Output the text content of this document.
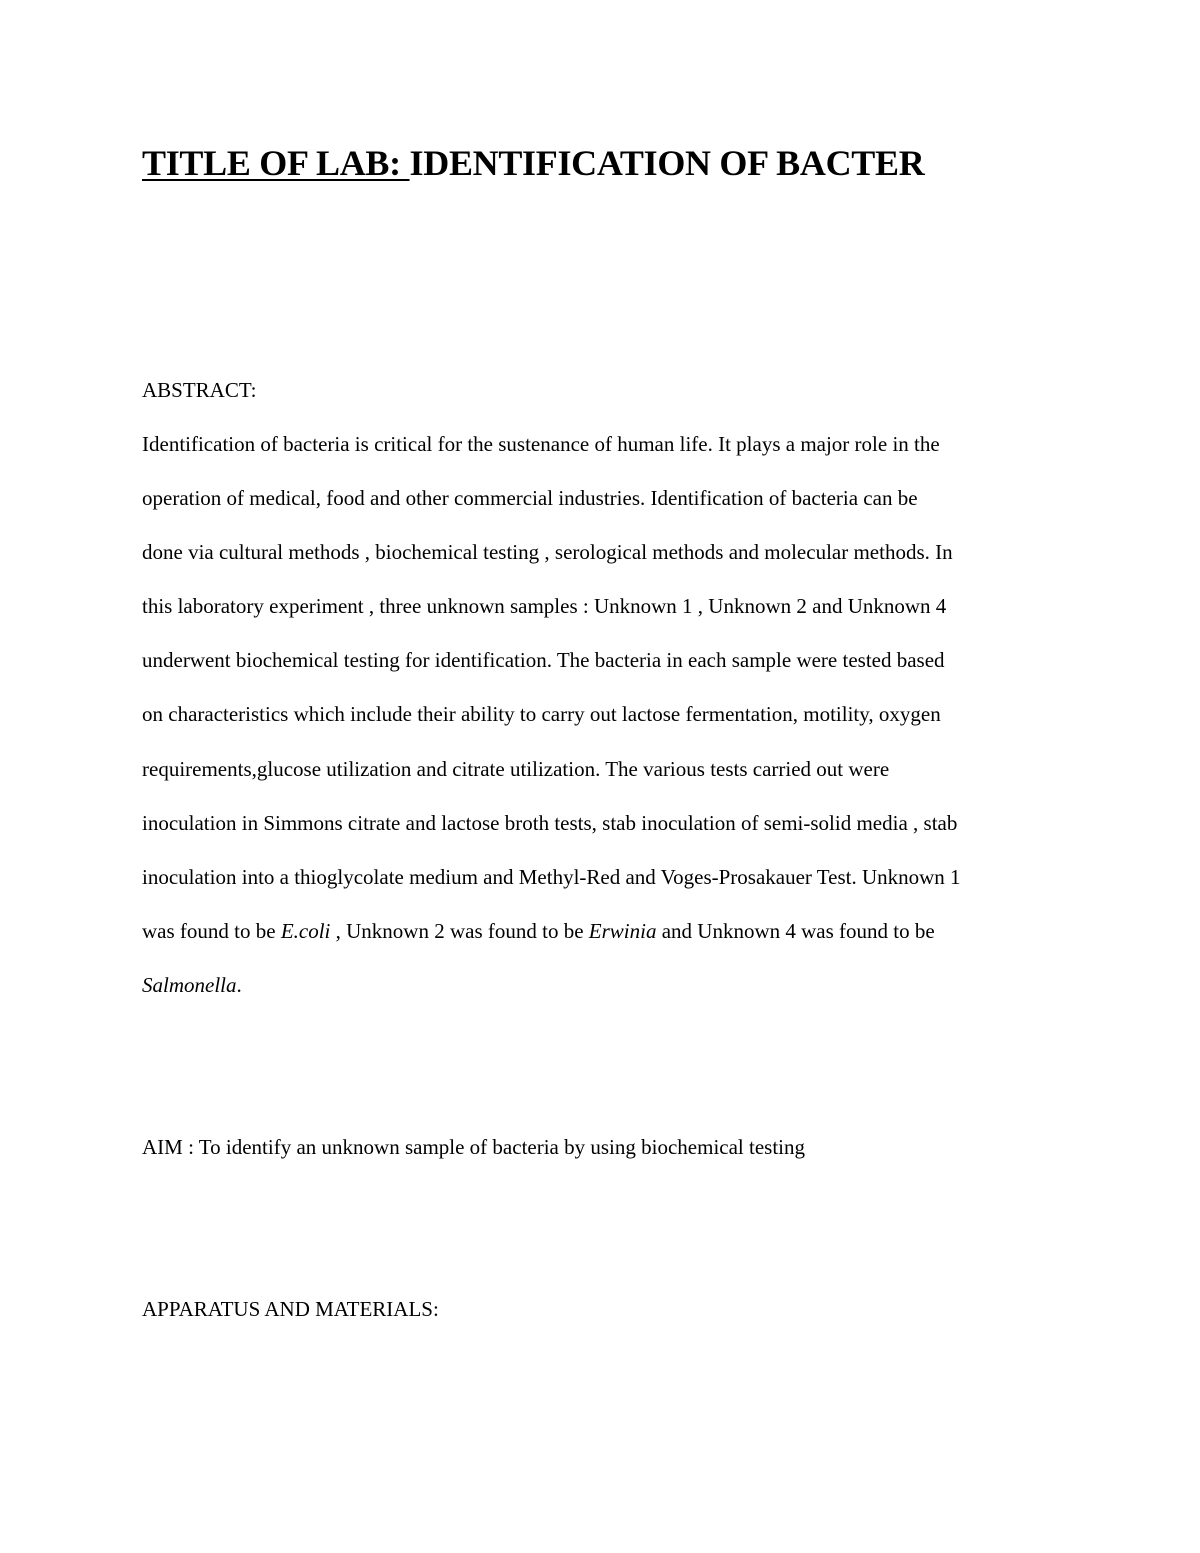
TITLE OF LAB: IDENTIFICATION OF BACTER
ABSTRACT:
Identification of bacteria is critical for the sustenance of human life. It plays a major role in the
operation of medical, food and other commercial industries. Identification of bacteria can be
done via cultural methods , biochemical testing , serological methods and molecular methods. In
this laboratory experiment , three unknown samples : Unknown 1 , Unknown 2 and Unknown 4
underwent biochemical testing for identification. The bacteria in each sample were tested based
on characteristics which include their ability to carry out lactose fermentation, motility, oxygen
requirements,glucose utilization and citrate utilization. The various tests carried out were
inoculation in Simmons citrate and lactose broth tests, stab inoculation of semi-solid media , stab
inoculation into a thioglycolate medium and Methyl-Red and Voges-Prosakauer Test. Unknown 1
was found to be E.coli , Unknown 2 was found to be Erwinia and Unknown 4 was found to be
Salmonella.
AIM : To identify an unknown sample of bacteria by using biochemical testing
APPARATUS AND MATERIALS:
